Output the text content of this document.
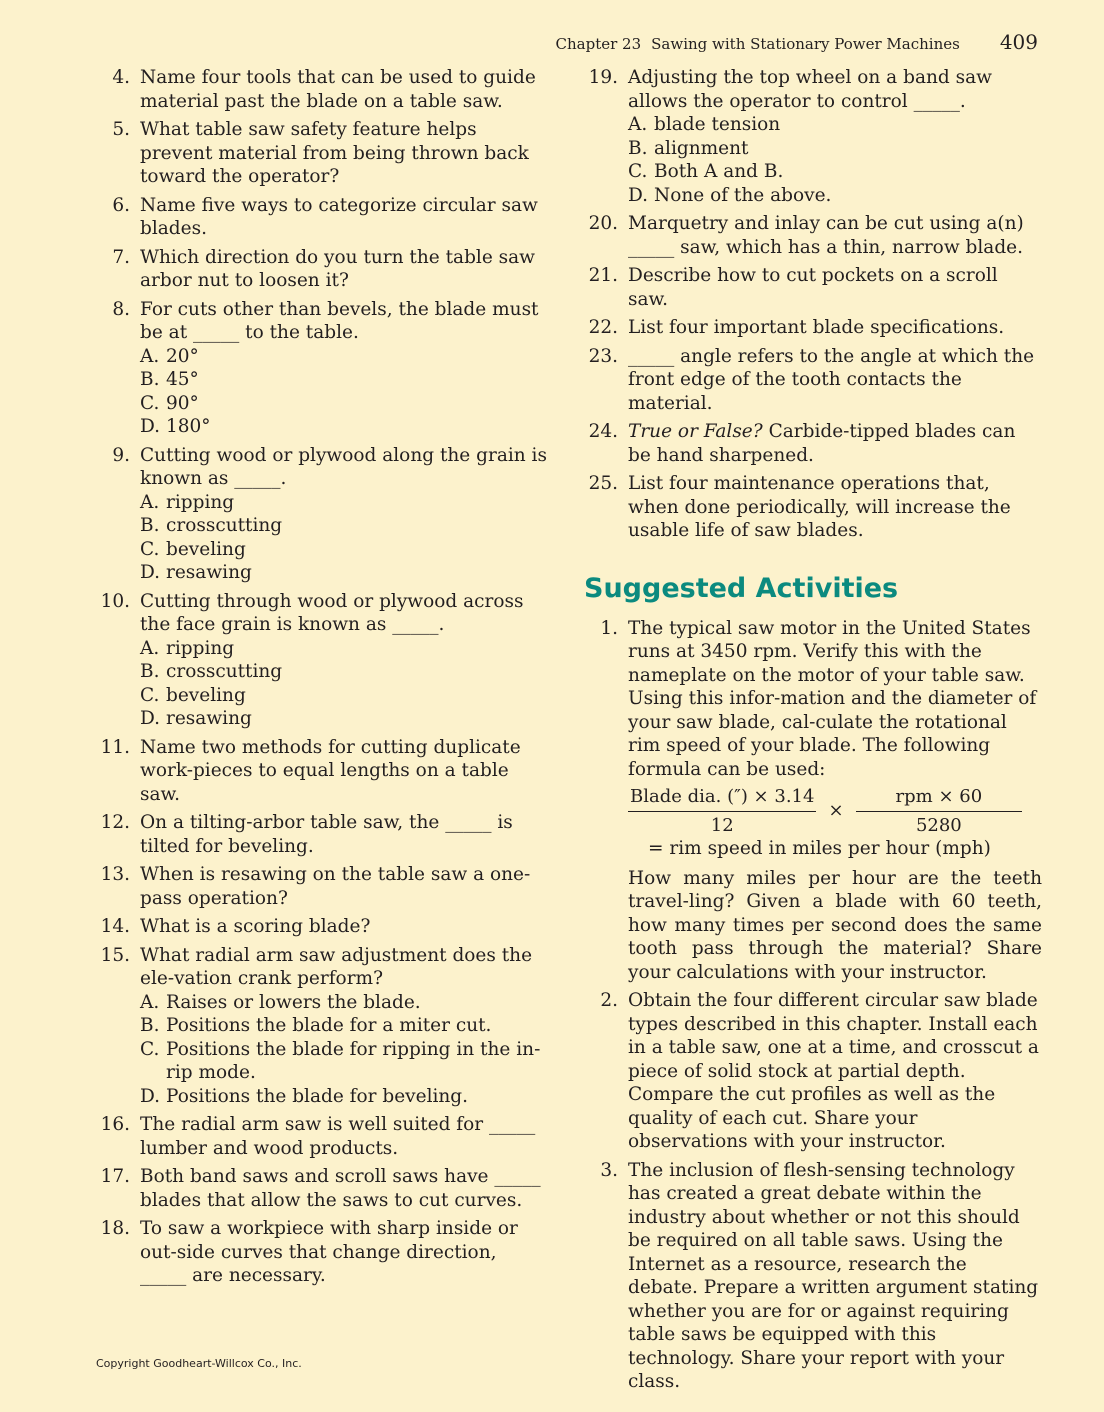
Chapter 23 Sawing with Stationary Power Machines 409
4. Name four tools that can be used to guide material past the blade on a table saw.
5. What table saw safety feature helps prevent material from being thrown back toward the operator?
6. Name five ways to categorize circular saw blades.
7. Which direction do you turn the table saw arbor nut to loosen it?
8. For cuts other than bevels, the blade must be at _____ to the table.
A. 20°
B. 45°
C. 90°
D. 180°
9. Cutting wood or plywood along the grain is known as _____.
A. ripping
B. crosscutting
C. beveling
D. resawing
10. Cutting through wood or plywood across the face grain is known as _____.
A. ripping
B. crosscutting
C. beveling
D. resawing
11. Name two methods for cutting duplicate work-pieces to equal lengths on a table saw.
12. On a tilting-arbor table saw, the _____ is tilted for beveling.
13. When is resawing on the table saw a one-pass operation?
14. What is a scoring blade?
15. What radial arm saw adjustment does the ele-vation crank perform?
A. Raises or lowers the blade.
B. Positions the blade for a miter cut.
C. Positions the blade for ripping in the in-rip mode.
D. Positions the blade for beveling.
16. The radial arm saw is well suited for _____ lumber and wood products.
17. Both band saws and scroll saws have _____ blades that allow the saws to cut curves.
18. To saw a workpiece with sharp inside or out-side curves that change direction, _____ are necessary.
19. Adjusting the top wheel on a band saw allows the operator to control _____.
A. blade tension
B. alignment
C. Both A and B.
D. None of the above.
20. Marquetry and inlay can be cut using a(n) _____ saw, which has a thin, narrow blade.
21. Describe how to cut pockets on a scroll saw.
22. List four important blade specifications.
23. _____ angle refers to the angle at which the front edge of the tooth contacts the material.
24. True or False? Carbide-tipped blades can be hand sharpened.
25. List four maintenance operations that, when done periodically, will increase the usable life of saw blades.
Suggested Activities
1. The typical saw motor in the United States runs at 3450 rpm. Verify this with the nameplate on the motor of your table saw. Using this infor-mation and the diameter of your saw blade, cal-culate the rotational rim speed of your blade. The following formula can be used:
$\frac{\text{Blade dia. (″) × 3.14}}{12} \times \frac{\text{rpm × 60}}{5280}$
= rim speed in miles per hour (mph)
How many miles per hour are the teeth travel-ling? Given a blade with 60 teeth, how many times per second does the same tooth pass through the material? Share your calculations with your instructor.
2. Obtain the four different circular saw blade types described in this chapter. Install each in a table saw, one at a time, and crosscut a piece of solid stock at partial depth. Compare the cut profiles as well as the quality of each cut. Share your observations with your instructor.
3. The inclusion of flesh-sensing technology has created a great debate within the industry about whether or not this should be required on all table saws. Using the Internet as a resource, research the debate. Prepare a written argument stating whether you are for or against requiring table saws be equipped with this technology. Share your report with your class.
Copyright Goodheart-Willcox Co., Inc.
